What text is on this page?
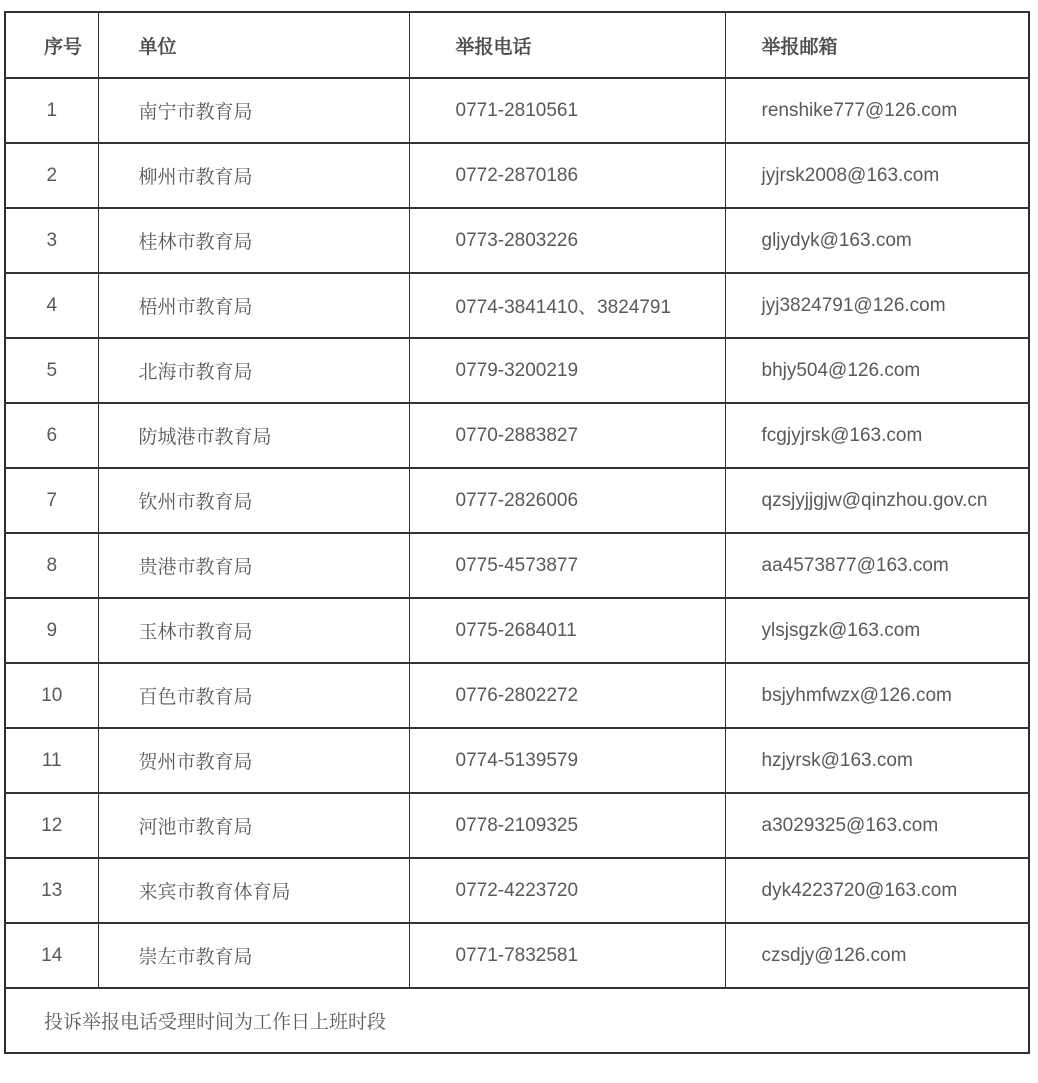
序号	单位	举报电话	举报邮箱
1	南宁市教育局	0771-2810561	renshike777@126.com
2	柳州市教育局	0772-2870186	jyjrsk2008@163.com
3	桂林市教育局	0773-2803226	gljydyk@163.com
4	梧州市教育局	0774-3841410、3824791	jyj3824791@126.com
5	北海市教育局	0779-3200219	bhjy504@126.com
6	防城港市教育局	0770-2883827	fcgjyjrsk@163.com
7	钦州市教育局	0777-2826006	qzsjyjjgjw@qinzhou.gov.cn
8	贵港市教育局	0775-4573877	aa4573877@163.com
9	玉林市教育局	0775-2684011	ylsjsgzk@163.com
10	百色市教育局	0776-2802272	bsjyhmfwzx@126.com
11	贺州市教育局	0774-5139579	hzjyrsk@163.com
12	河池市教育局	0778-2109325	a3029325@163.com
13	来宾市教育体育局	0772-4223720	dyk4223720@163.com
14	崇左市教育局	0771-7832581	czsdjy@126.com
投诉举报电话受理时间为工作日上班时段			
